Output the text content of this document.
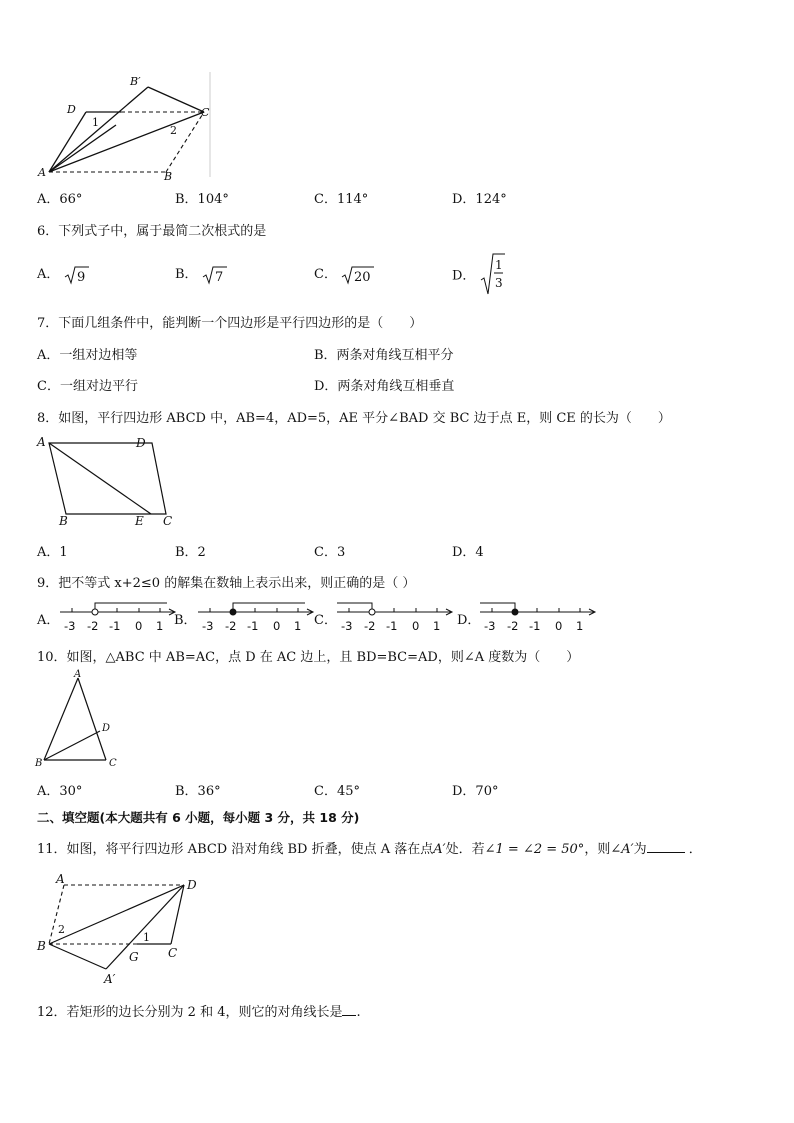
A	B
C
D
B′
1
2
A．66°	B．104°	C．114°	D．124°
6．下列式子中，属于最简二次根式的是
A． 9	B． 7	C． 20	D．
1
3
7．下面几组条件中，能判断一个四边形是平行四边形的是（　　）
A．一组对边相等	B．两条对角线互相平分
C．一组对边平行	D．两条对角线互相垂直
8．如图，平行四边形 ABCD 中，AB=4，AD=5，AE 平分∠BAD 交 BC 边于点 E，则 CE 的长为（　　）
A	D
B	E C
A．1	B．2	C．3	D．4
9．把不等式 x+2≤0 的解集在数轴上表示出来，则正确的是（ ）
A． -3 -2 -1 0 1 B． -3 -2 -1 0 1 C． -3 -2 -1 0 1 D． -3 -2 -1 0 1
10．如图，△ABC 中 AB=AC，点 D 在 AC 边上，且 BD=BC=AD，则∠A 度数为（　　）
A
B	C
D
A．30°	B．36°	C．45°	D．70°
二、填空题(本大题共有 6 小题，每小题 3 分，共 18 分)
11．如图，将平行四边形 ABCD 沿对角线 BD 折叠，使点 A 落在点A′处．若∠1 = ∠2 = 50°，则∠A′为	．
A	D
B	C
G
A′
1
2
12．若矩形的边长分别为 2 和 4，则它的对角线长是 .
